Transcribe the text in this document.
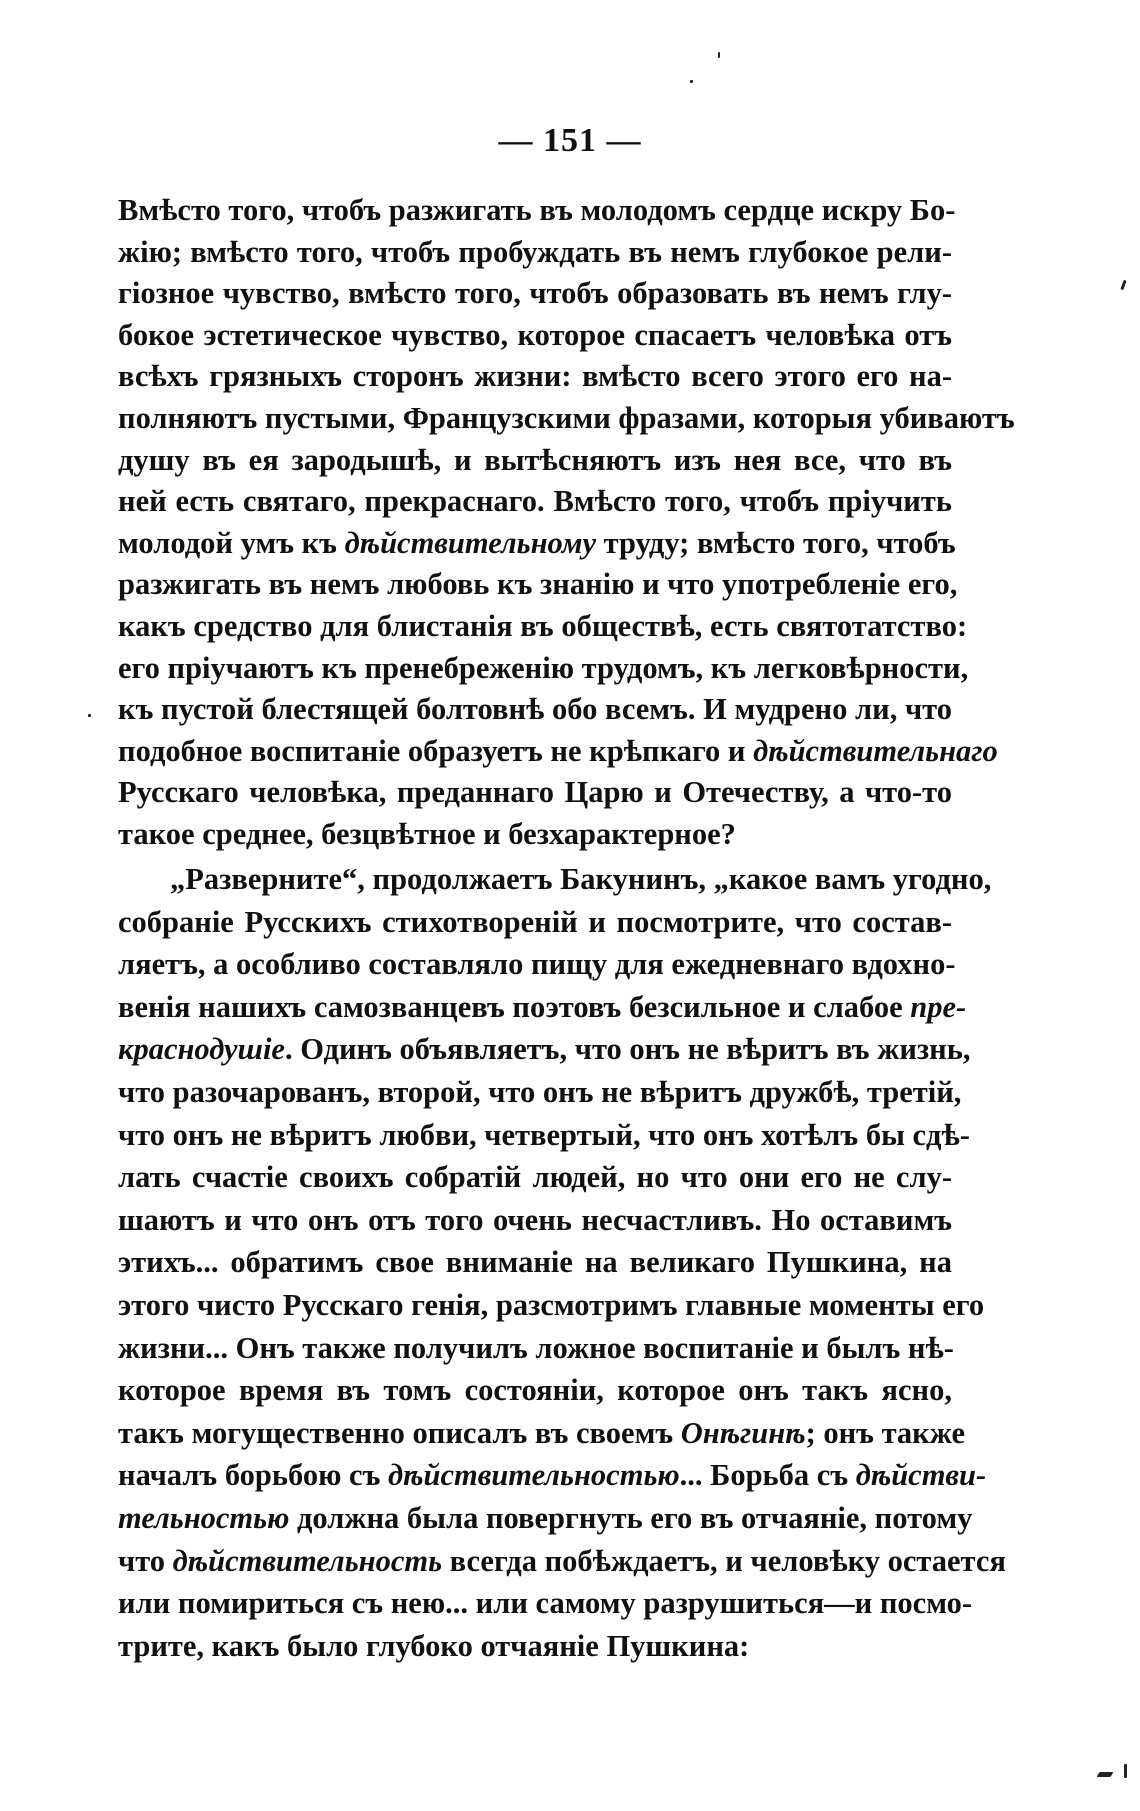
— 151 —
Вмѣсто того, чтобъ разжигать въ молодомъ сердце искру Бо-
жію; вмѣсто того, чтобъ пробуждать въ немъ глубокое рели-
гіозное чувство, вмѣсто того, чтобъ образовать въ немъ глу-
бокое эстетическое чувство, которое спасаетъ человѣка отъ
всѣхъ грязныхъ сторонъ жизни: вмѣсто всего этого его на-
полняютъ пустыми, Французскими фразами, которыя убиваютъ
душу въ ея зародышѣ, и вытѣсняютъ изъ нея все, что въ
ней есть святаго, прекраснаго. Вмѣсто того, чтобъ пріучить
молодой умъ къ дѣйствительному труду; вмѣсто того, чтобъ
разжигать въ немъ любовь къ знанію и что употребленіе его,
какъ средство для блистанія въ обществѣ, есть святотатство:
его пріучаютъ къ пренебреженію трудомъ, къ легковѣрности,
къ пустой блестящей болтовнѣ обо всемъ. И мудрено ли, что
подобное воспитаніе образуетъ не крѣпкаго и дѣйствительнаго
Русскаго человѣка, преданнаго Царю и Отечеству, а что-то
такое среднее, безцвѣтное и безхарактерное?
„Разверните“, продолжаетъ Бакунинъ, „какое вамъ угодно,
собраніе Русскихъ стихотвореній и посмотрите, что состав-
ляетъ, а особливо составляло пищу для ежедневнаго вдохно-
венія нашихъ самозванцевъ поэтовъ безсильное и слабое пре-
краснодушіе. Одинъ объявляетъ, что онъ не вѣритъ въ жизнь,
что разочарованъ, второй, что онъ не вѣритъ дружбѣ, третій,
что онъ не вѣритъ любви, четвертый, что онъ хотѣлъ бы сдѣ-
лать счастіе своихъ собратій людей, но что они его не слу-
шаютъ и что онъ отъ того очень несчастливъ. Но оставимъ
этихъ... обратимъ свое вниманіе на великаго Пушкина, на
этого чисто Русскаго генія, разсмотримъ главные моменты его
жизни... Онъ также получилъ ложное воспитаніе и былъ нѣ-
которое время въ томъ состояніи, которое онъ такъ ясно,
такъ могущественно описалъ въ своемъ Онѣгинѣ; онъ также
началъ борьбою съ дѣйствительностью... Борьба съ дѣйстви-
тельностью должна была повергнуть его въ отчаяніе, потому
что дѣйствительность всегда побѣждаетъ, и человѣку остается
или помириться съ нею... или самому разрушиться—и посмо-
трите, какъ было глубоко отчаяніе Пушкина:
